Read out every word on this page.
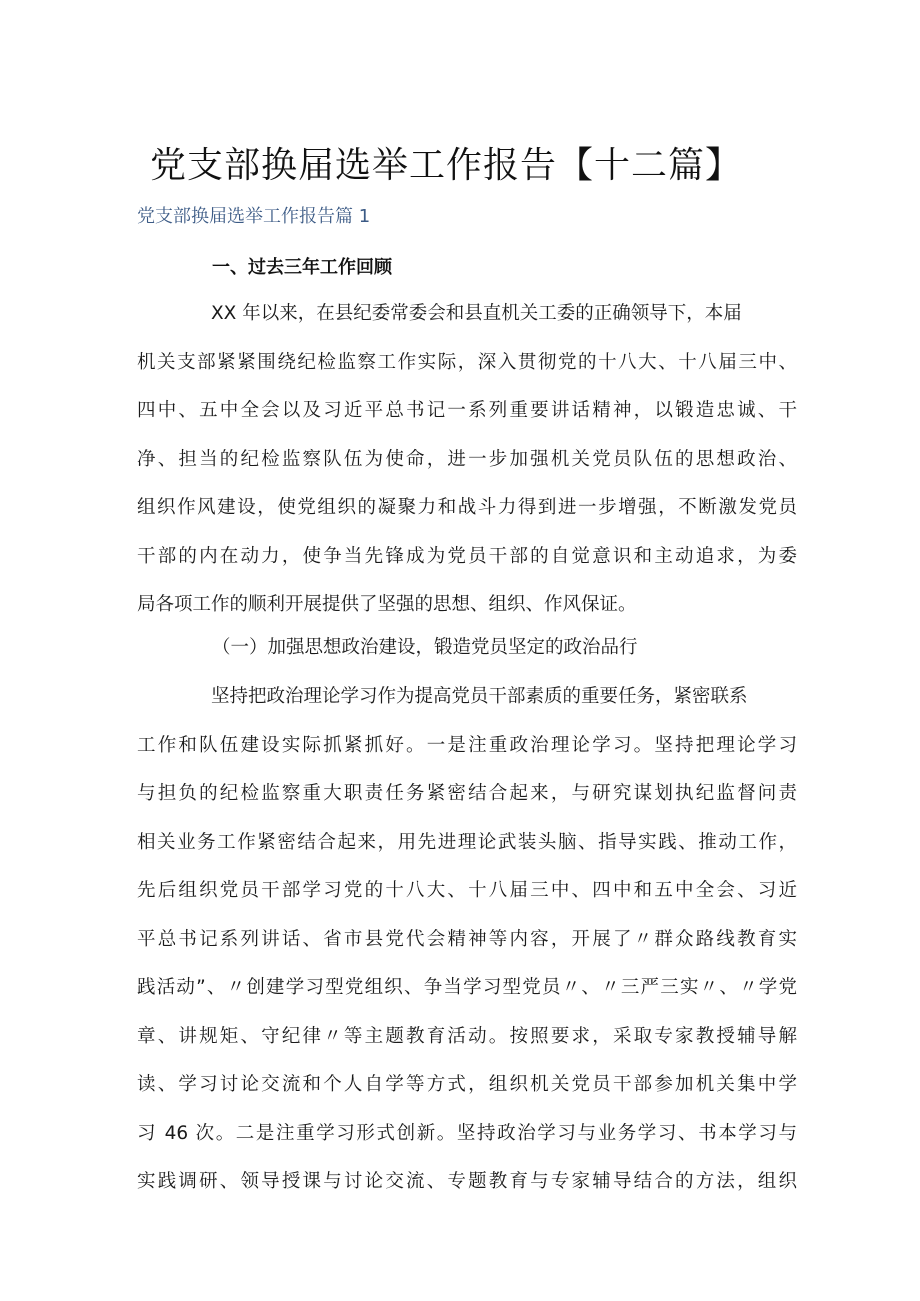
党支部换届选举工作报告【十二篇】
党支部换届选举工作报告篇 1
一、过去三年工作回顾
XX 年以来，在县纪委常委会和县直机关工委的正确领导下，本届
机关支部紧紧围绕纪检监察工作实际，深入贯彻党的十八大、十八届三中、
四中、五中全会以及习近平总书记一系列重要讲话精神，以锻造忠诚、干
净、担当的纪检监察队伍为使命，进一步加强机关党员队伍的思想政治、
组织作风建设，使党组织的凝聚力和战斗力得到进一步增强，不断激发党员
干部的内在动力，使争当先锋成为党员干部的自觉意识和主动追求，为委
局各项工作的顺利开展提供了坚强的思想、组织、作风保证。
（一）加强思想政治建设，锻造党员坚定的政治品行
坚持把政治理论学习作为提高党员干部素质的重要任务，紧密联系
工作和队伍建设实际抓紧抓好。一是注重政治理论学习。坚持把理论学习
与担负的纪检监察重大职责任务紧密结合起来，与研究谋划执纪监督问责
相关业务工作紧密结合起来，用先进理论武装头脑、指导实践、推动工作，
先后组织党员干部学习党的十八大、十八届三中、四中和五中全会、习近
平总书记系列讲话、省市县党代会精神等内容，开展了〃群众路线教育实
践活动”、〃创建学习型党组织、争当学习型党员〃、〃三严三实〃、〃学党
章、讲规矩、守纪律〃等主题教育活动。按照要求，采取专家教授辅导解
读、学习讨论交流和个人自学等方式，组织机关党员干部参加机关集中学
习 46 次。二是注重学习形式创新。坚持政治学习与业务学习、书本学习与
实践调研、领导授课与讨论交流、专题教育与专家辅导结合的方法，组织
